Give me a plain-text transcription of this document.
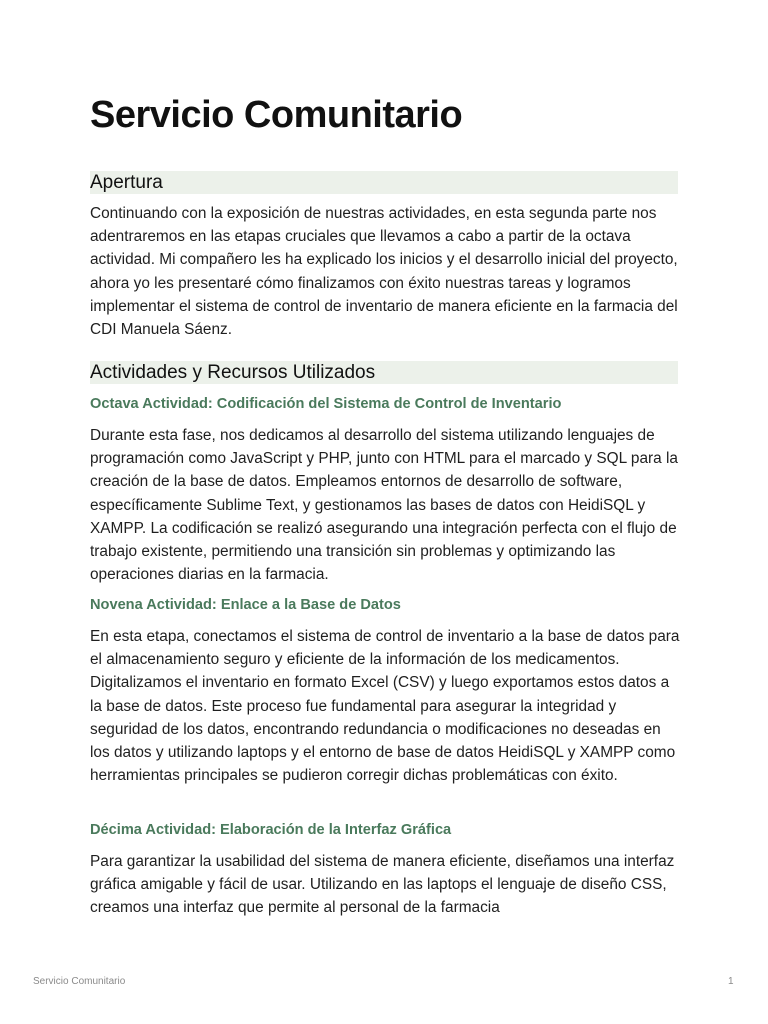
Servicio Comunitario
Apertura

Continuando con la exposición de nuestras actividades, en esta segunda parte nos adentraremos en las etapas cruciales que llevamos a cabo a partir de la octava actividad. Mi compañero les ha explicado los inicios y el desarrollo inicial del proyecto, ahora yo les presentaré cómo finalizamos con éxito nuestras tareas y logramos implementar el sistema de control de inventario de manera eficiente en la farmacia del CDI Manuela Sáenz.

Actividades y Recursos Utilizados
Octava Actividad: Codificación del Sistema de Control de Inventario

Durante esta fase, nos dedicamos al desarrollo del sistema utilizando lenguajes de programación como JavaScript y PHP, junto con HTML para el marcado y SQL para la creación de la base de datos. Empleamos entornos de desarrollo de software, específicamente Sublime Text, y gestionamos las bases de datos con HeidiSQL y XAMPP. La codificación se realizó asegurando una integración perfecta con el flujo de trabajo existente, permitiendo una transición sin problemas y optimizando las operaciones diarias en la farmacia.

Novena Actividad: Enlace a la Base de Datos

En esta etapa, conectamos el sistema de control de inventario a la base de datos para el almacenamiento seguro y eficiente de la información de los medicamentos. Digitalizamos el inventario en formato Excel (CSV) y luego exportamos estos datos a la base de datos. Este proceso fue fundamental para asegurar la integridad y seguridad de los datos, encontrando redundancia o modificaciones no deseadas en los datos y utilizando laptops y el entorno de base de datos HeidiSQL y XAMPP como herramientas principales se pudieron corregir dichas problemáticas con éxito.

Décima Actividad: Elaboración de la Interfaz Gráfica

Para garantizar la usabilidad del sistema de manera eficiente, diseñamos una interfaz gráfica amigable y fácil de usar. Utilizando en las laptops el lenguaje de diseño CSS, creamos una interfaz que permite al personal de la farmacia

Servicio Comunitario	1
